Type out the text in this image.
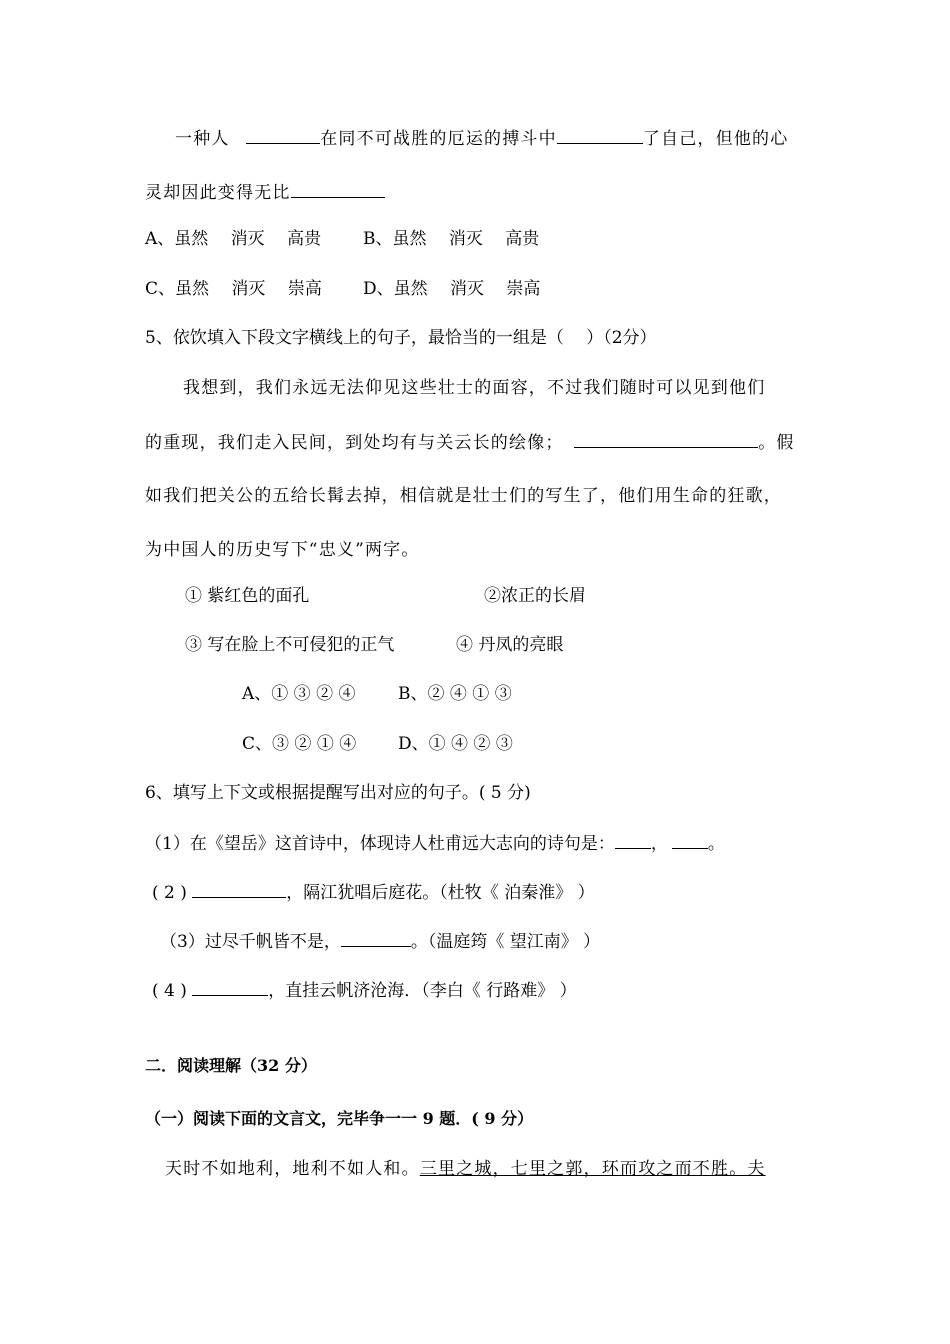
一种人	在同不可战胜的厄运的搏斗中	了自己，但他的心
灵却因此变得无比
A、虽然　 消灭　 高贵 B、虽然　 消灭　 高贵
C、虽然　 消灭　 崇高 D、虽然　 消灭　 崇高
5、依饮填入下段文字横线上的句子，最恰当的一组是（　 ）（2分）
我想到，我们永远无法仰见这些壮士的面容，不过我们随时可以见到他们
的重现，我们走入民间，到处均有与关云长的绘像；	。假
如我们把关公的五给长髯去掉，相信就是壮士们的写生了，他们用生命的狂歌，
为中国人的历史写下“忠义”两字。
① 紫红色的面孔	②浓正的长眉
③ 写在脸上不可侵犯的正气	④ 丹凤的亮眼
A、① ③ ② ④	B、② ④ ① ③
C、③ ② ① ④ D、① ④ ② ③
6、填写上下文或根据提醒写出对应的句子。( 5 分)
（1）在《望岳》这首诗中，体现诗人杜甫远大志向的诗句是： ， 。
( 2 )	，隔江犹唱后庭花。（杜牧《 泊秦淮》 ）
（3）过尽千帆皆不是，	。（温庭筠《 望江南》 ）
( 4 )	，直挂云帆济沧海．（李白《 行路难》 ）
二．阅读理解（32 分）
（一）阅读下面的文言文，完毕争一一 9 题．( 9 分）
天时不如地利，地利不如人和。三里之城，七里之郭，环而攻之而不胜。夫
